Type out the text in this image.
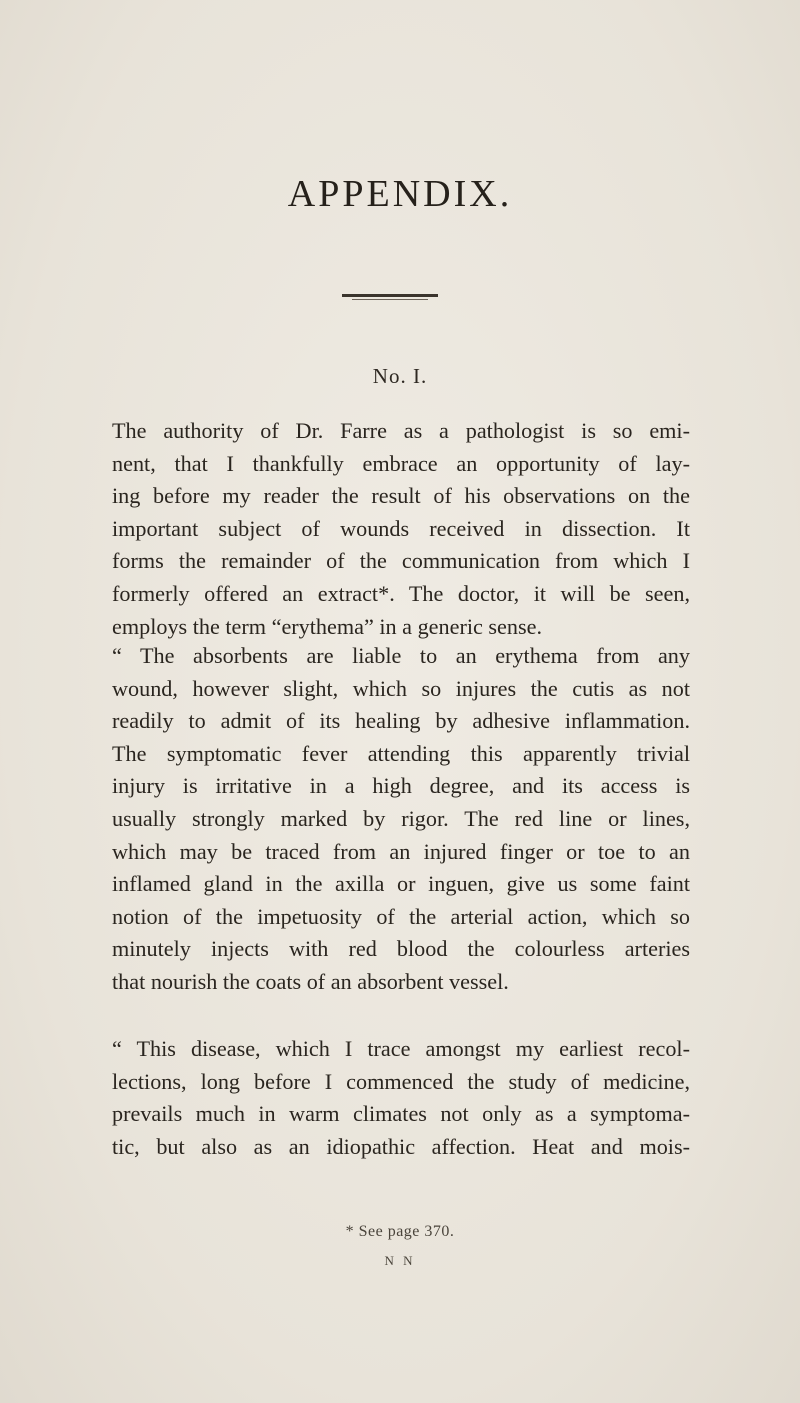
APPENDIX.
No. I.
The authority of Dr. Farre as a pathologist is so emi-
nent, that I thankfully embrace an opportunity of lay-
ing before my reader the result of his observations on the
important subject of wounds received in dissection. It
forms the remainder of the communication from which I
formerly offered an extract*. The doctor, it will be seen,
employs the term “erythema” in a generic sense.
“ The absorbents are liable to an erythema from any
wound, however slight, which so injures the cutis as not
readily to admit of its healing by adhesive inflammation.
The symptomatic fever attending this apparently trivial
injury is irritative in a high degree, and its access is
usually strongly marked by rigor. The red line or lines,
which may be traced from an injured finger or toe to an
inflamed gland in the axilla or inguen, give us some faint
notion of the impetuosity of the arterial action, which so
minutely injects with red blood the colourless arteries
that nourish the coats of an absorbent vessel.
“ This disease, which I trace amongst my earliest recol-
lections, long before I commenced the study of medicine,
prevails much in warm climates not only as a symptoma-
tic, but also as an idiopathic affection. Heat and mois-
* See page 370.
N N
